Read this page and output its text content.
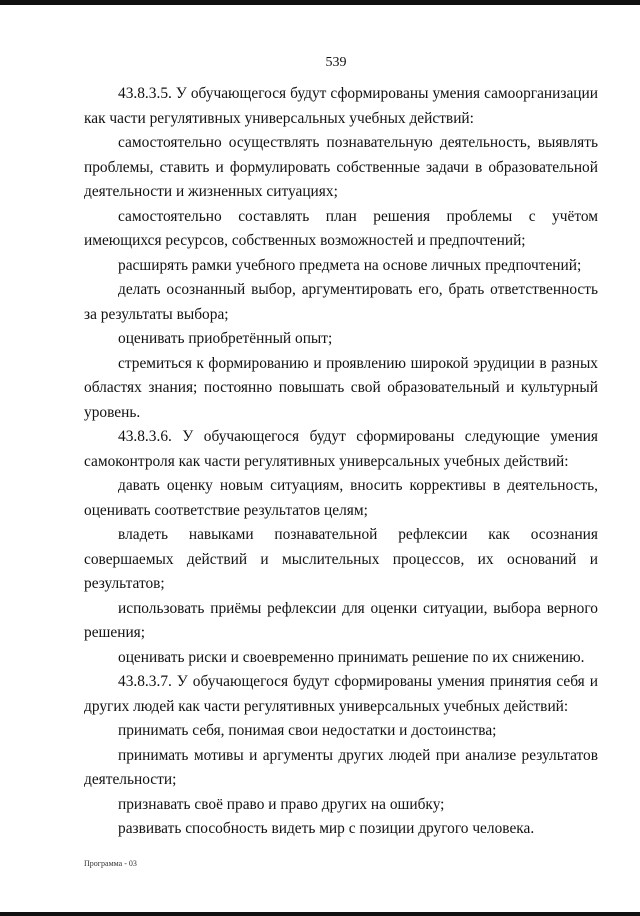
539

43.8.3.5. У обучающегося будут сформированы умения самоорганизации как части регулятивных универсальных учебных действий:

самостоятельно осуществлять познавательную деятельность, выявлять проблемы, ставить и формулировать собственные задачи в образовательной деятельности и жизненных ситуациях;

самостоятельно составлять план решения проблемы с учётом имеющихся ресурсов, собственных возможностей и предпочтений;

расширять рамки учебного предмета на основе личных предпочтений;

делать осознанный выбор, аргументировать его, брать ответственность за результаты выбора;

оценивать приобретённый опыт;

стремиться к формированию и проявлению широкой эрудиции в разных областях знания; постоянно повышать свой образовательный и культурный уровень.

43.8.3.6. У обучающегося будут сформированы следующие умения самоконтроля как части регулятивных универсальных учебных действий:

давать оценку новым ситуациям, вносить коррективы в деятельность, оценивать соответствие результатов целям;

владеть навыками познавательной рефлексии как осознания совершаемых действий и мыслительных процессов, их оснований и результатов;

использовать приёмы рефлексии для оценки ситуации, выбора верного решения;

оценивать риски и своевременно принимать решение по их снижению.

43.8.3.7. У обучающегося будут сформированы умения принятия себя и других людей как части регулятивных универсальных учебных действий:

принимать себя, понимая свои недостатки и достоинства;

принимать мотивы и аргументы других людей при анализе результатов деятельности;

признавать своё право и право других на ошибку;

развивать способность видеть мир с позиции другого человека.

Программа - 03
